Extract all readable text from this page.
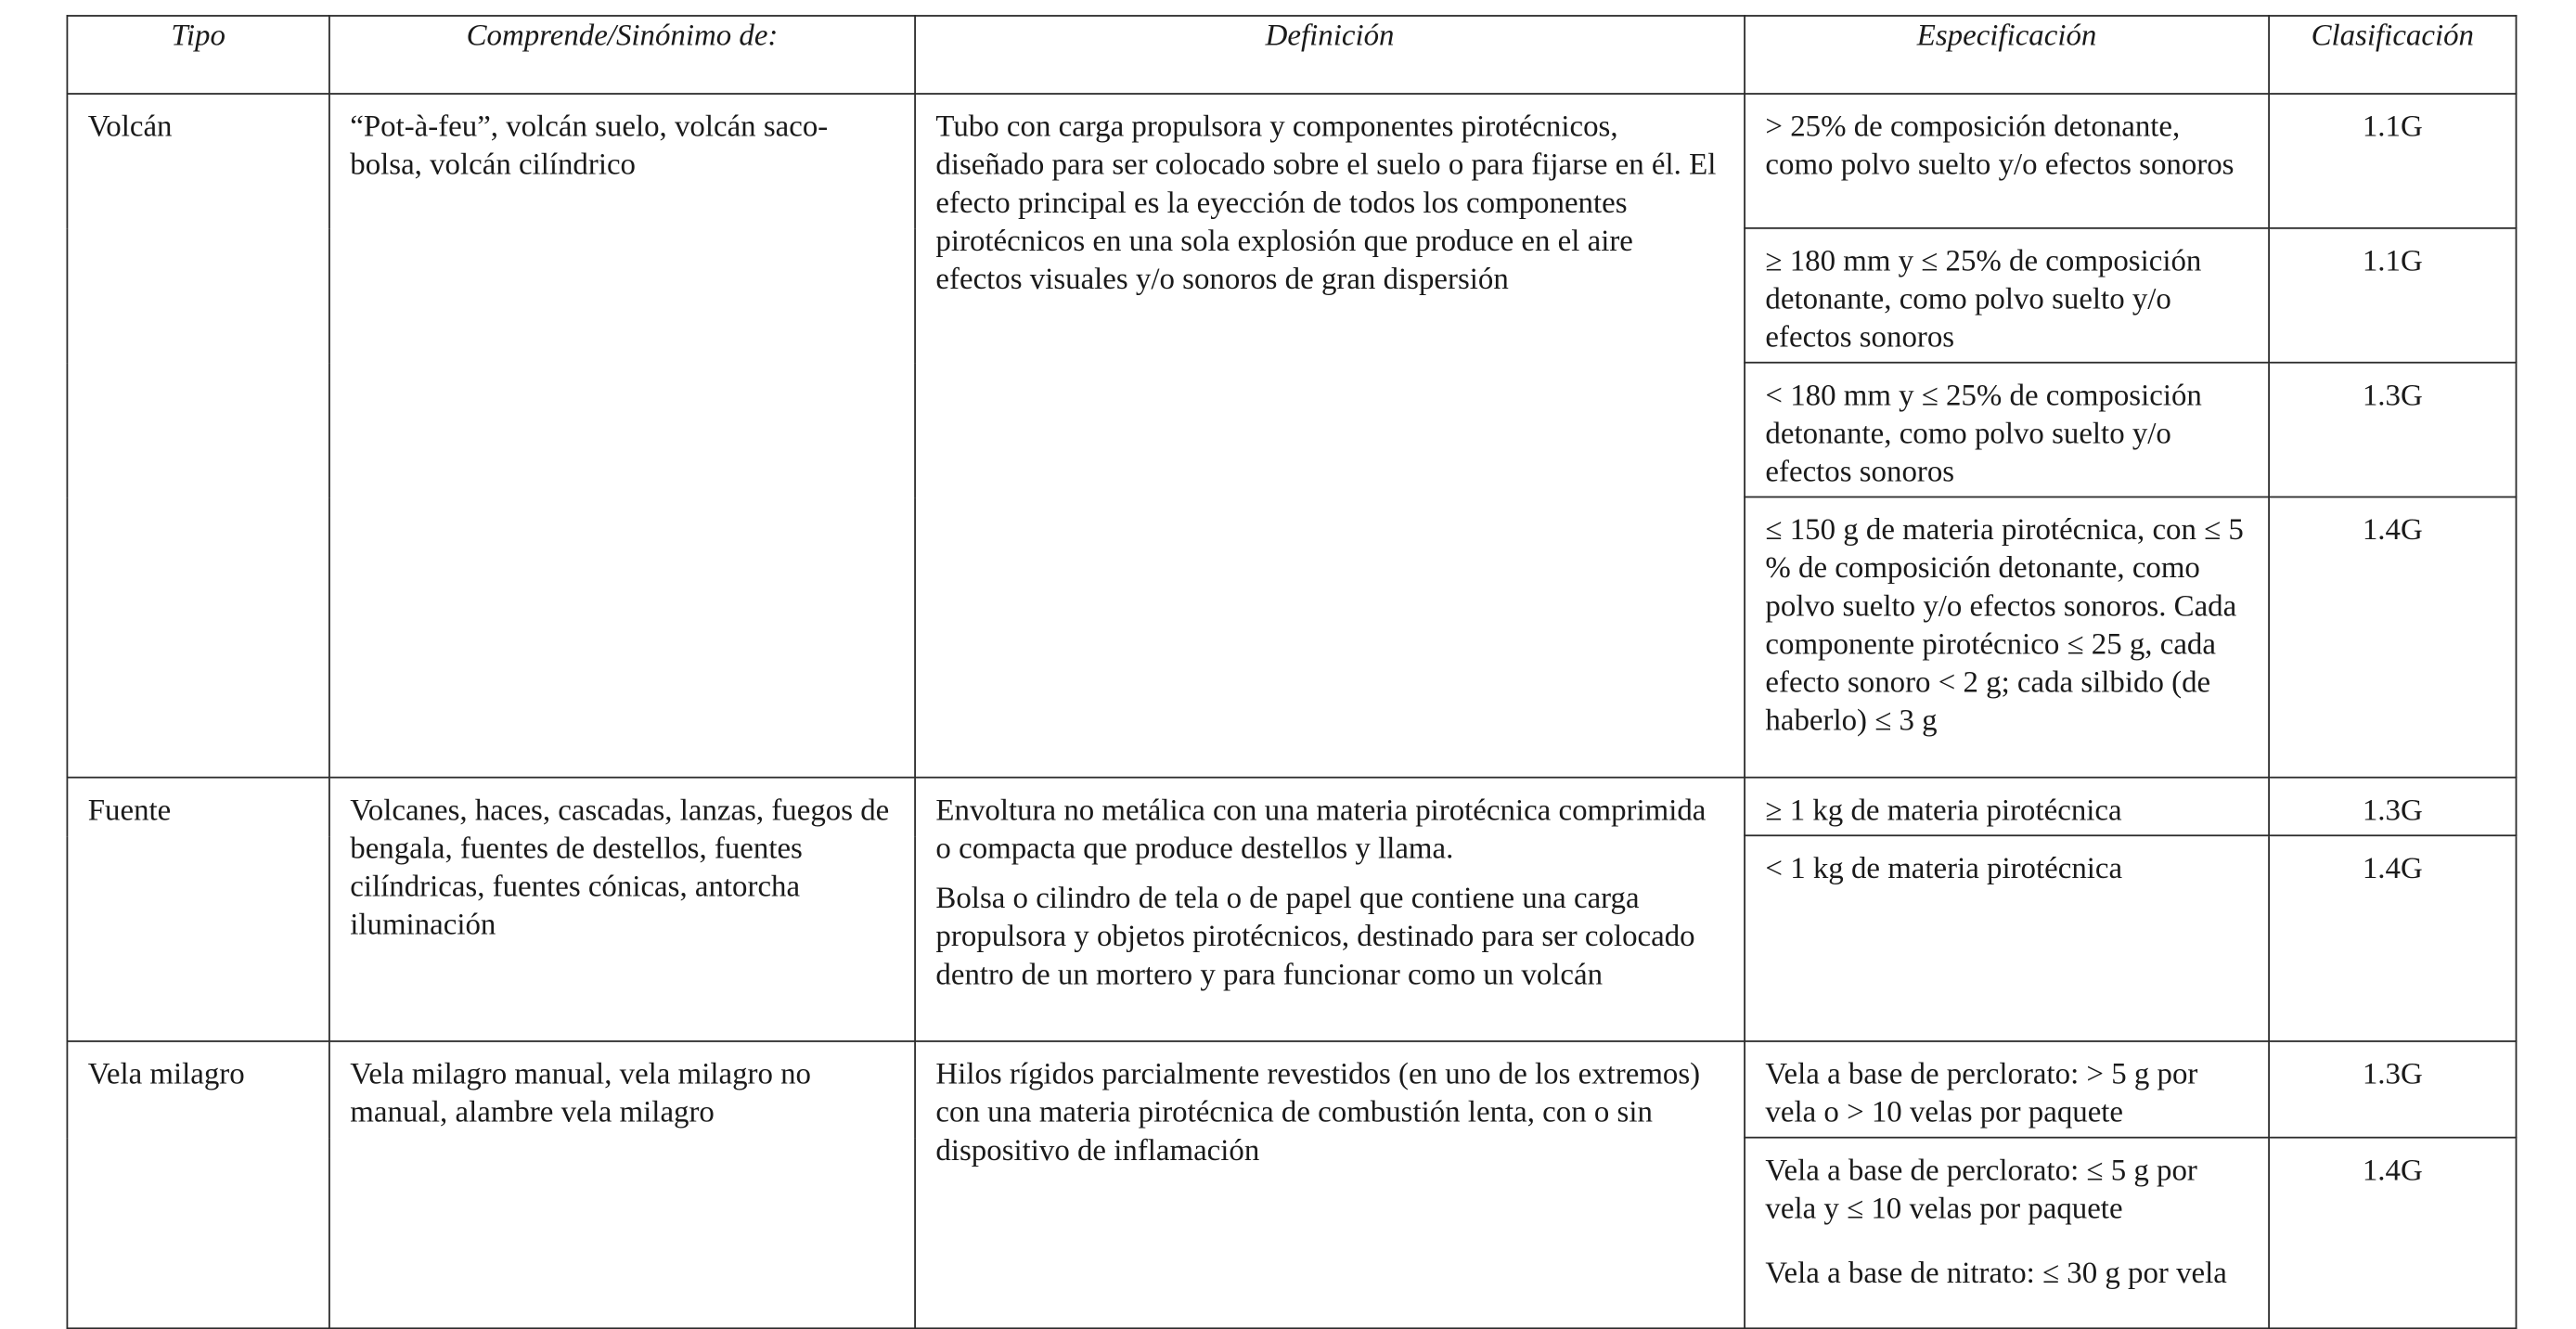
Tipo	Comprende/Sinónimo de:	Definición	Especificación	Clasificación

Volcán	“Pot-à-feu”, volcán suelo, volcán saco-bolsa, volcán cilíndrico	Tubo con carga propulsora y componentes pirotécnicos, diseñado para ser colocado sobre el suelo o para fijarse en él. El efecto principal es la eyección de todos los componentes pirotécnicos en una sola explosión que produce en el aire efectos visuales y/o sonoros de gran dispersión	> 25% de composición detonante, como polvo suelto y/o efectos sonoros	1.1G

			≥ 180 mm y ≤ 25% de composición detonante, como polvo suelto y/o efectos sonoros	1.1G

			< 180 mm y ≤ 25% de composición detonante, como polvo suelto y/o efectos sonoros	1.3G

			≤ 150 g de materia pirotécnica, con ≤ 5 % de composición detonante, como polvo suelto y/o efectos sonoros. Cada componente pirotécnico ≤ 25 g, cada efecto sonoro < 2 g; cada silbido (de haberlo) ≤ 3 g	1.4G

Fuente	Volcanes, haces, cascadas, lanzas, fuegos de bengala, fuentes de destellos, fuentes cilíndricas, fuentes cónicas, antorcha iluminación	Envoltura no metálica con una materia pirotécnica comprimida o compacta que produce destellos y llama.
Bolsa o cilindro de tela o de papel que contiene una carga propulsora y objetos pirotécnicos, destinado para ser colocado dentro de un mortero y para funcionar como un volcán	≥ 1 kg de materia pirotécnica	1.3G

			< 1 kg de materia pirotécnica	1.4G

Vela milagro	Vela milagro manual, vela milagro no manual, alambre vela milagro	Hilos rígidos parcialmente revestidos (en uno de los extremos) con una materia pirotécnica de combustión lenta, con o sin dispositivo de inflamación	Vela a base de perclorato: > 5 g por vela o > 10 velas por paquete	1.3G

			Vela a base de perclorato: ≤ 5 g por vela y ≤ 10 velas por paquete
Vela a base de nitrato: ≤ 30 g por vela	1.4G
